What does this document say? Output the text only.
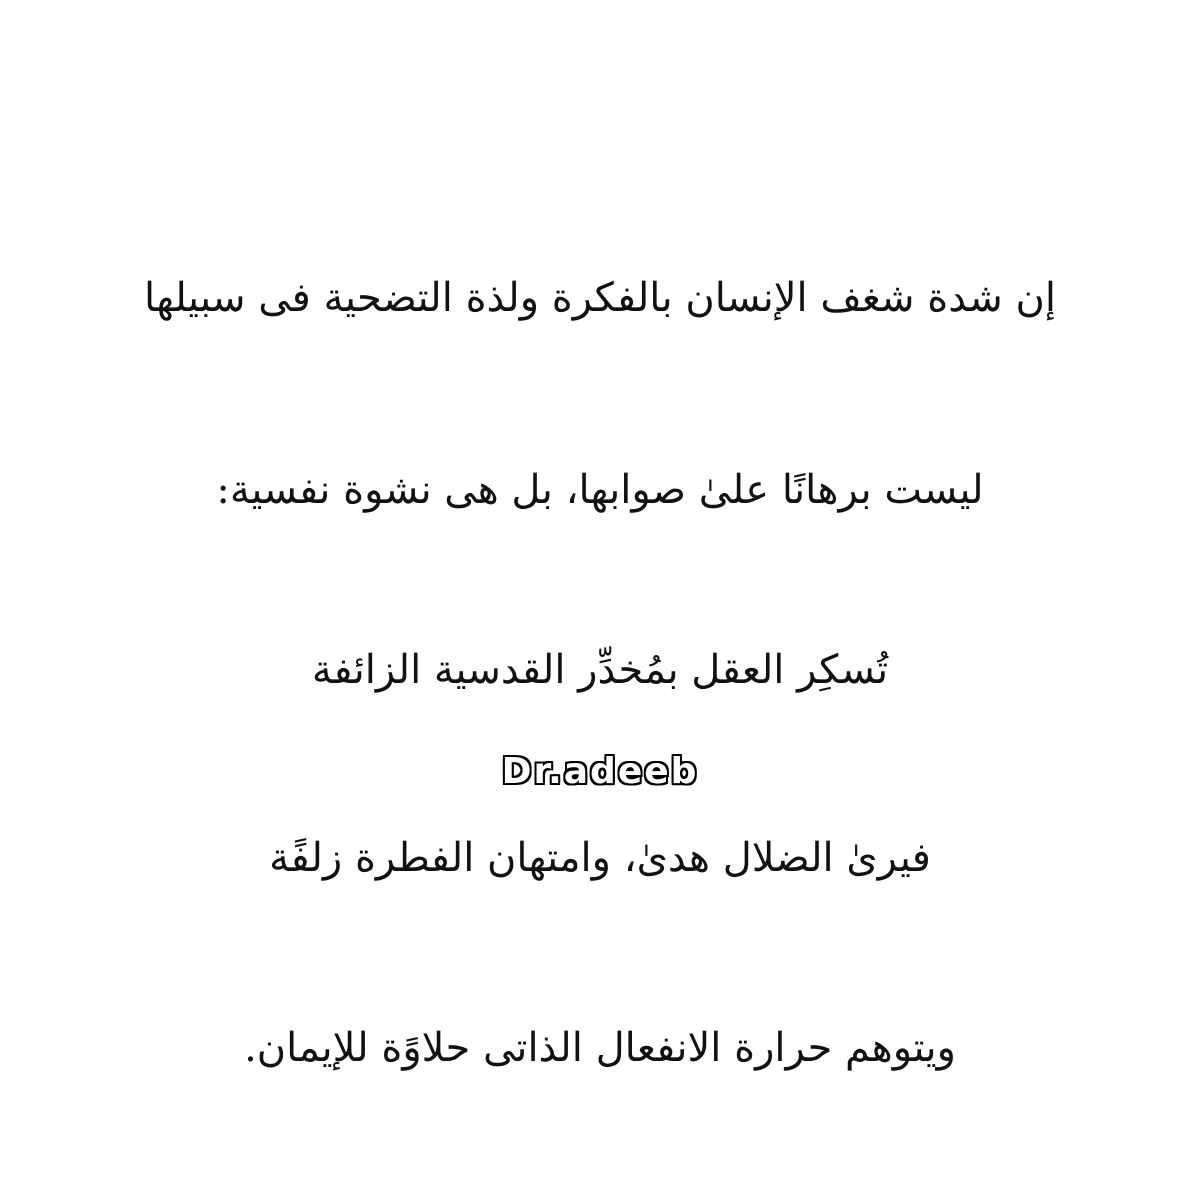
إن شدة شغف الإنسان بالفكرة ولذة التضحية فى سبيلها
ليست برهانًا علىٰ صوابها، بل هى نشوة نفسية:
تُسكِر العقل بمُخدِّر القدسية الزائفة
Dr.adeeb
فيرىٰ الضلال هدىٰ، وامتهان الفطرة زلفًة
ويتوهم حرارة الانفعال الذاتى حلاوًة للإيمان.
